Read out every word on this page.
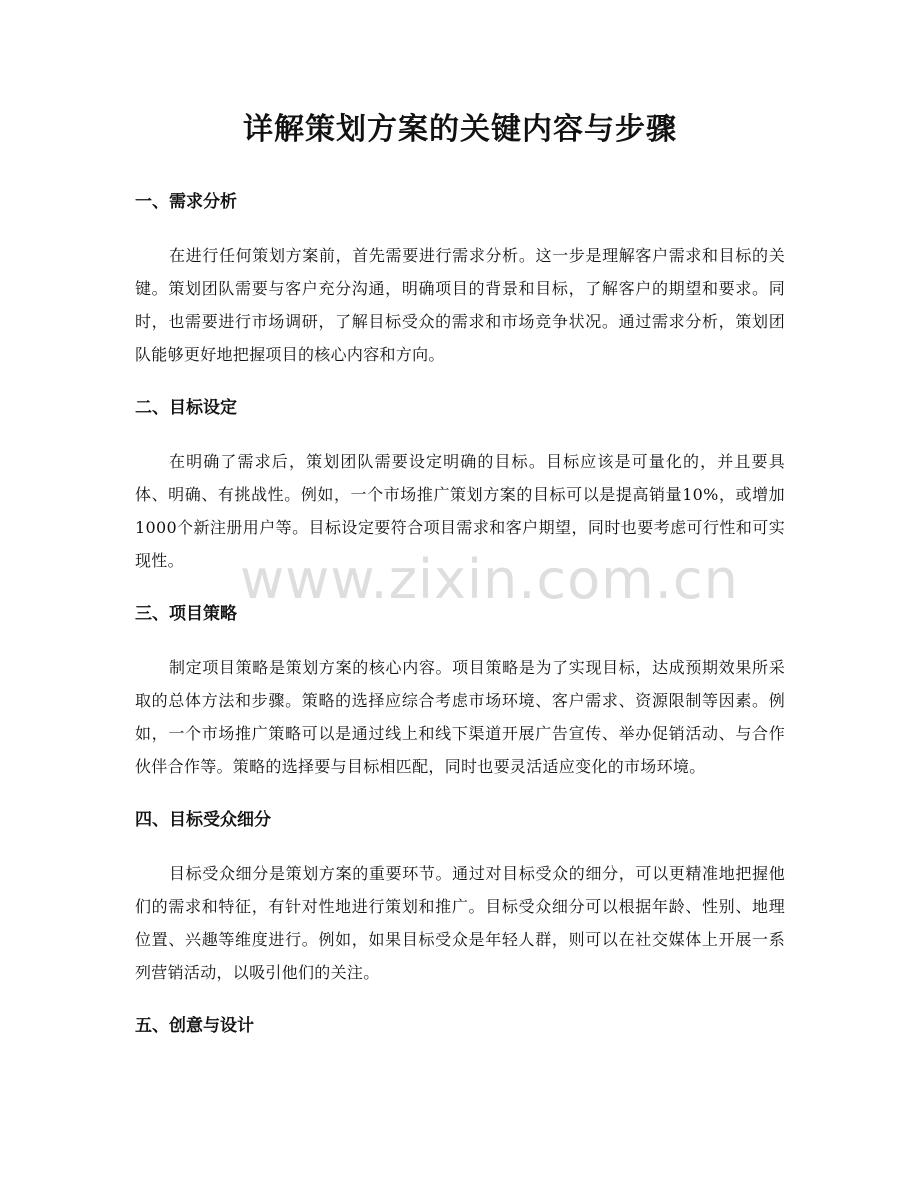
详解策划方案的关键内容与步骤
一、需求分析

在进行任何策划方案前，首先需要进行需求分析。这一步是理解客户需求和目标的关键。策划团队需要与客户充分沟通，明确项目的背景和目标，了解客户的期望和要求。同时，也需要进行市场调研，了解目标受众的需求和市场竞争状况。通过需求分析，策划团队能够更好地把握项目的核心内容和方向。

二、目标设定

在明确了需求后，策划团队需要设定明确的目标。目标应该是可量化的，并且要具体、明确、有挑战性。例如，一个市场推广策划方案的目标可以是提高销量10%，或增加1000个新注册用户等。目标设定要符合项目需求和客户期望，同时也要考虑可行性和可实现性。

三、项目策略

制定项目策略是策划方案的核心内容。项目策略是为了实现目标，达成预期效果所采取的总体方法和步骤。策略的选择应综合考虑市场环境、客户需求、资源限制等因素。例如，一个市场推广策略可以是通过线上和线下渠道开展广告宣传、举办促销活动、与合作伙伴合作等。策略的选择要与目标相匹配，同时也要灵活适应变化的市场环境。

四、目标受众细分

目标受众细分是策划方案的重要环节。通过对目标受众的细分，可以更精准地把握他们的需求和特征，有针对性地进行策划和推广。目标受众细分可以根据年龄、性别、地理位置、兴趣等维度进行。例如，如果目标受众是年轻人群，则可以在社交媒体上开展一系列营销活动，以吸引他们的关注。

五、创意与设计
www.zixin.com.cn
